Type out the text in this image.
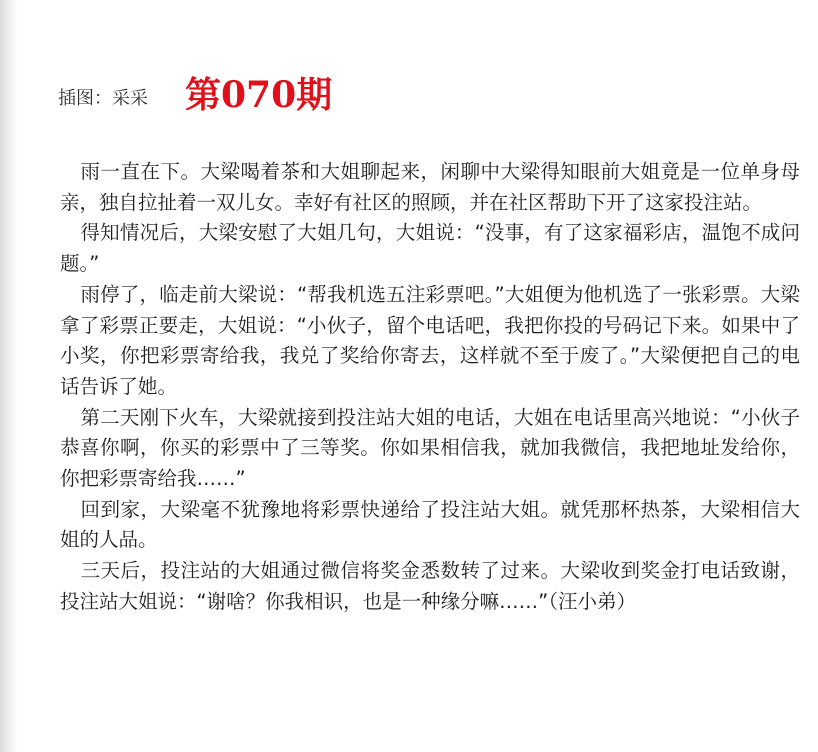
插图：采采 第070期

雨一直在下。大梁喝着茶和大姐聊起来，闲聊中大梁得知眼前大姐竟是一位单身母亲，独自拉扯着一双儿女。幸好有社区的照顾，并在社区帮助下开了这家投注站。

得知情况后，大梁安慰了大姐几句，大姐说：“没事，有了这家福彩店，温饱不成问题。”

雨停了，临走前大梁说：“帮我机选五注彩票吧。”大姐便为他机选了一张彩票。大梁拿了彩票正要走，大姐说：“小伙子，留个电话吧，我把你投的号码记下来。如果中了小奖，你把彩票寄给我，我兑了奖给你寄去，这样就不至于废了。”大梁便把自己的电话告诉了她。

第二天刚下火车，大梁就接到投注站大姐的电话，大姐在电话里高兴地说：“小伙子恭喜你啊，你买的彩票中了三等奖。你如果相信我，就加我微信，我把地址发给你，你把彩票寄给我……”

回到家，大梁毫不犹豫地将彩票快递给了投注站大姐。就凭那杯热茶，大梁相信大姐的人品。

三天后，投注站的大姐通过微信将奖金悉数转了过来。大梁收到奖金打电话致谢，投注站大姐说：“谢啥？你我相识，也是一种缘分嘛……”（汪小弟）
